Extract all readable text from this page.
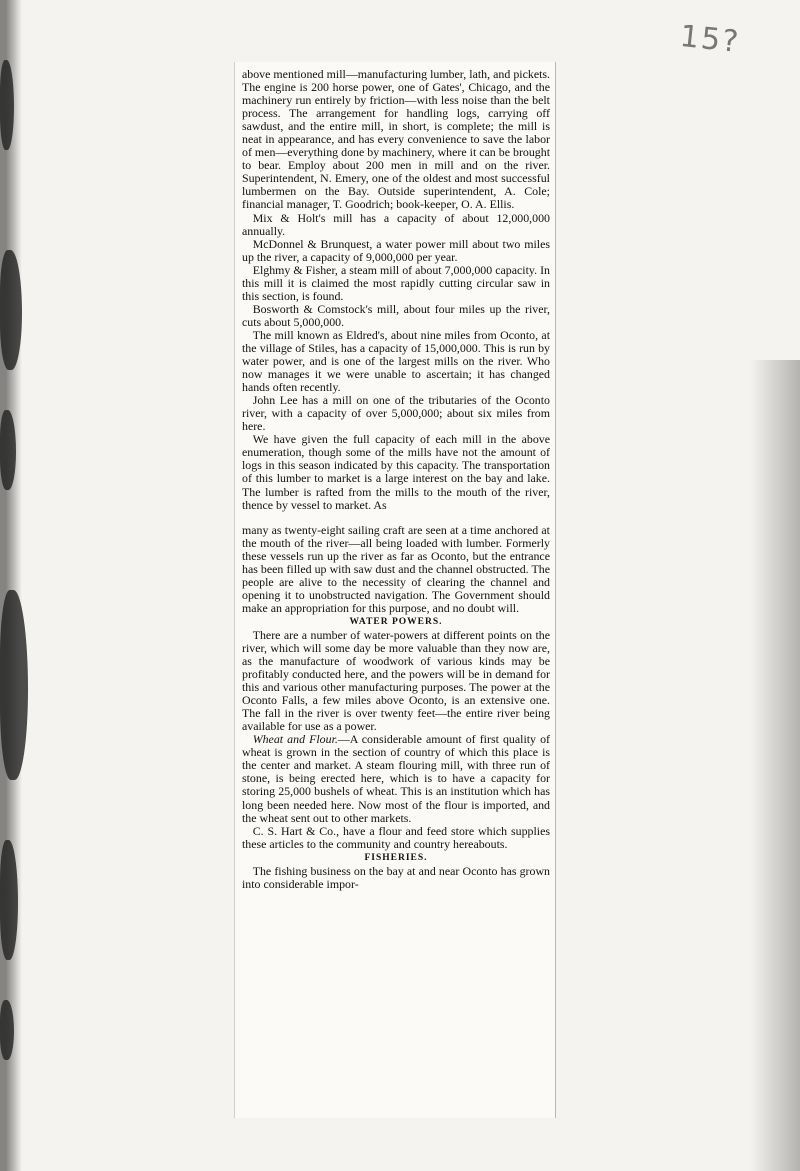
15?

above mentioned mill—manufacturing lumber, lath, and pickets. The engine is 200 horse power, one of Gates', Chicago, and the machinery run entirely by friction—with less noise than the belt process. The arrangement for handling logs, carrying off sawdust, and the entire mill, in short, is complete; the mill is neat in appearance, and has every convenience to save the labor of men—everything done by machinery, where it can be brought to bear. Employ about 200 men in mill and on the river. Superintendent, N. Emery, one of the oldest and most successful lumbermen on the Bay. Outside superintendent, A. Cole; financial manager, T. Goodrich; book-keeper, O. A. Ellis.

Mix & Holt's mill has a capacity of about 12,000,000 annually.

McDonnel & Brunquest, a water power mill about two miles up the river, a capacity of 9,000,000 per year.

Elghmy & Fisher, a steam mill of about 7,000,000 capacity. In this mill it is claimed the most rapidly cutting circular saw in this section, is found.

Bosworth & Comstock's mill, about four miles up the river, cuts about 5,000,000.

The mill known as Eldred's, about nine miles from Oconto, at the village of Stiles, has a capacity of 15,000,000. This is run by water power, and is one of the largest mills on the river. Who now manages it we were unable to ascertain; it has changed hands often recently.

John Lee has a mill on one of the tributaries of the Oconto river, with a capacity of over 5,000,000; about six miles from here.

We have given the full capacity of each mill in the above enumeration, though some of the mills have not the amount of logs in this season indicated by this capacity. The transportation of this lumber to market is a large interest on the bay and lake. The lumber is rafted from the mills to the mouth of the river, thence by vessel to market. As

many as twenty-eight sailing craft are seen at a time anchored at the mouth of the river—all being loaded with lumber. Formerly these vessels run up the river as far as Oconto, but the entrance has been filled up with saw dust and the channel obstructed. The people are alive to the necessity of clearing the channel and opening it to unobstructed navigation. The Government should make an appropriation for this purpose, and no doubt will.

WATER POWERS.

There are a number of water-powers at different points on the river, which will some day be more valuable than they now are, as the manufacture of woodwork of various kinds may be profitably conducted here, and the powers will be in demand for this and various other manufacturing purposes. The power at the Oconto Falls, a few miles above Oconto, is an extensive one. The fall in the river is over twenty feet—the entire river being available for use as a power.

Wheat and Flour.—A considerable amount of first quality of wheat is grown in the section of country of which this place is the center and market. A steam flouring mill, with three run of stone, is being erected here, which is to have a capacity for storing 25,000 bushels of wheat. This is an institution which has long been needed here. Now most of the flour is imported, and the wheat sent out to other markets.

C. S. Hart & Co., have a flour and feed store which supplies these articles to the community and country hereabouts.

FISHERIES.

The fishing business on the bay at and near Oconto has grown into considerable impor-
